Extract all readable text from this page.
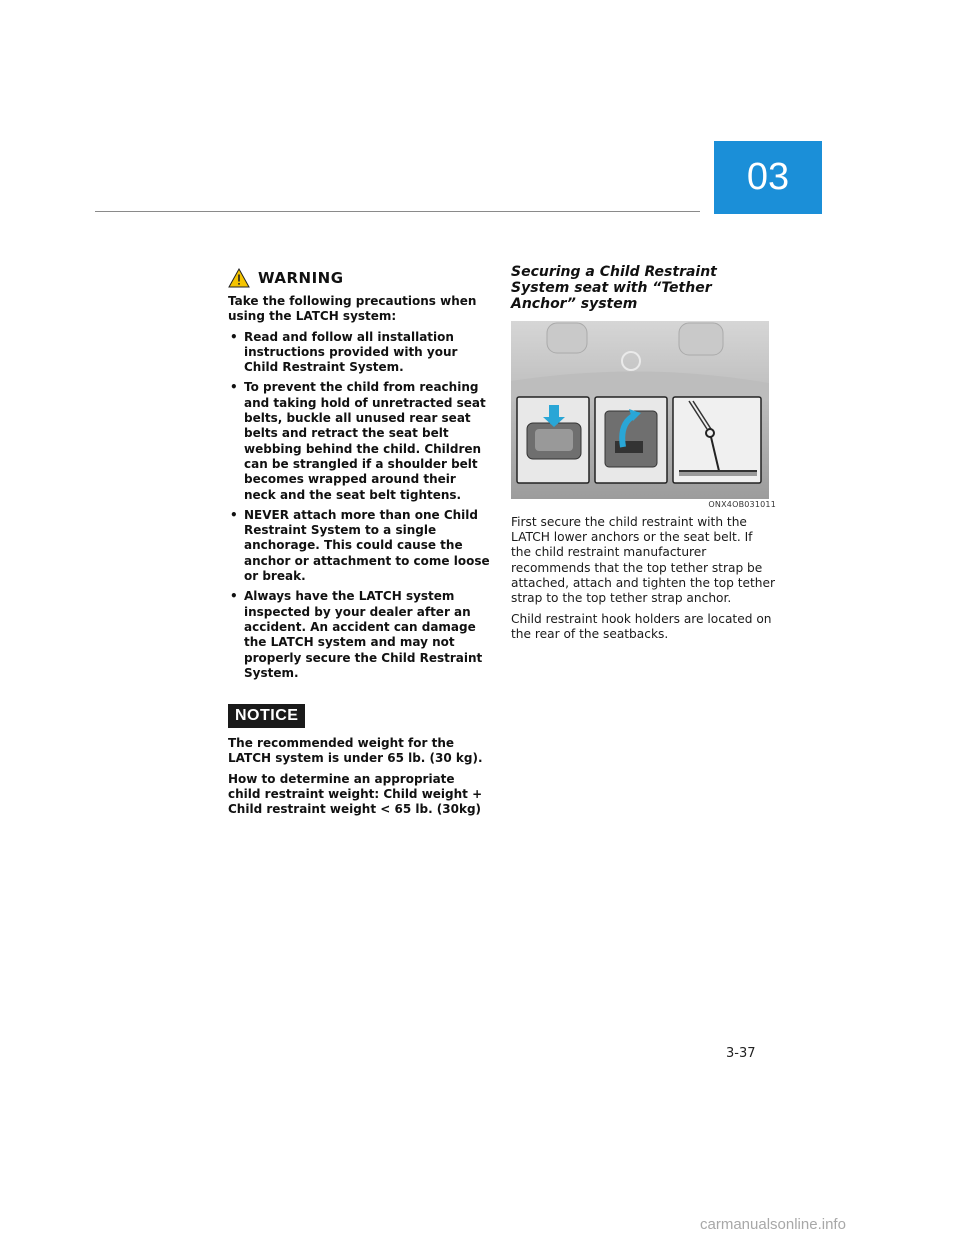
03
WARNING

Take the following precautions when using the LATCH system:

• Read and follow all installation instructions provided with your Child Restraint System.
• To prevent the child from reaching and taking hold of unretracted seat belts, buckle all unused rear seat belts and retract the seat belt webbing behind the child. Children can be strangled if a shoulder belt becomes wrapped around their neck and the seat belt tightens.
• NEVER attach more than one Child Restraint System to a single anchorage. This could cause the anchor or attachment to come loose or break.
• Always have the LATCH system inspected by your dealer after an accident. An accident can damage the LATCH system and may not properly secure the Child Restraint System.
NOTICE

The recommended weight for the LATCH system is under 65 lb. (30 kg).

How to determine an appropriate child restraint weight: Child weight + Child restraint weight < 65 lb. (30kg)

Securing a Child Restraint System seat with “Tether Anchor” system
ONX4OB031011

First secure the child restraint with the LATCH lower anchors or the seat belt. If the child restraint manufacturer recommends that the top tether strap be attached, attach and tighten the top tether strap to the top tether strap anchor.

Child restraint hook holders are located on the rear of the seatbacks.

3-37
carmanualsonline.info
